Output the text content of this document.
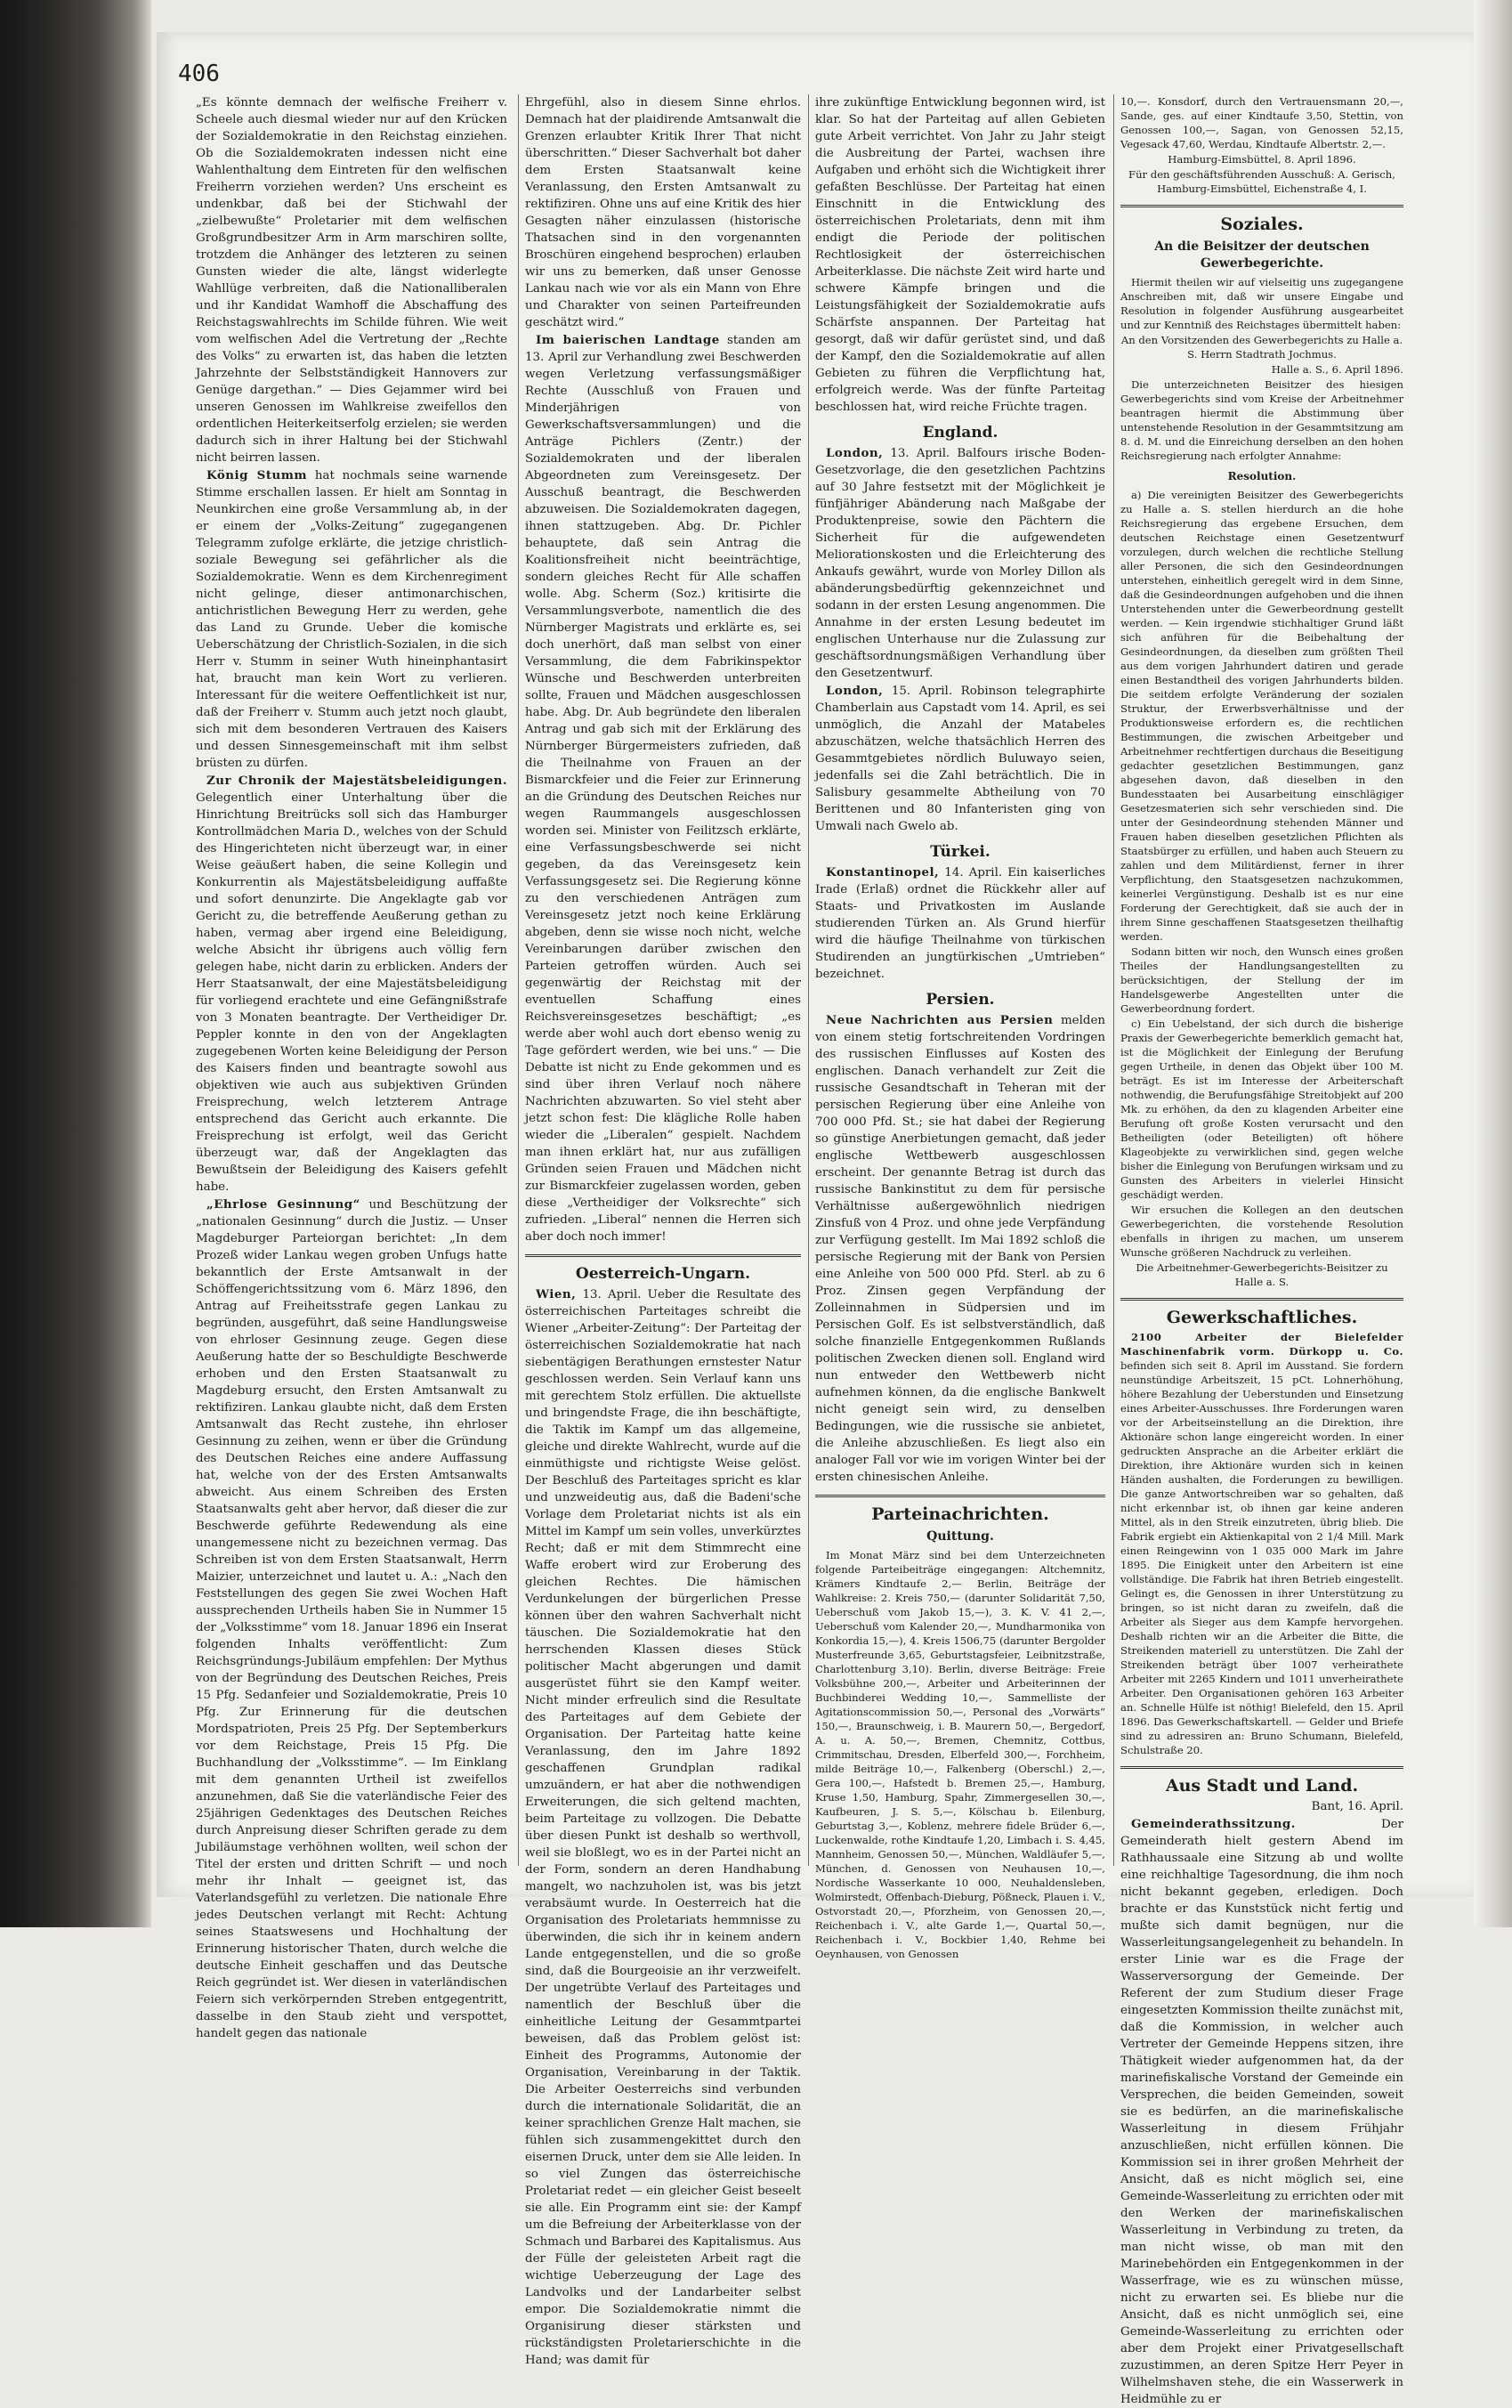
406

„Es könnte demnach der welfische Freiherr v. Scheele auch diesmal wieder nur auf den Krücken der Sozialdemokratie in den Reichstag einziehen. Ob die Sozialdemokraten indessen nicht eine Wahlenthaltung dem Eintreten für den welfischen Freiherrn vorziehen werden? Uns erscheint es undenkbar, daß bei der Stichwahl der „zielbewußte“ Proletarier mit dem welfischen Großgrundbesitzer Arm in Arm marschiren sollte, trotzdem die Anhänger des letzteren zu seinen Gunsten wieder die alte, längst widerlegte Wahllüge verbreiten, daß die Nationalliberalen und ihr Kandidat Wamhoff die Abschaffung des Reichstagswahlrechts im Schilde führen. Wie weit vom welfischen Adel die Vertretung der „Rechte des Volks“ zu erwarten ist, das haben die letzten Jahrzehnte der Selbstständigkeit Hannovers zur Genüge dargethan.“ — Dies Gejammer wird bei unseren Genossen im Wahlkreise zweifellos den ordentlichen Heiterkeitserfolg erzielen; sie werden dadurch sich in ihrer Haltung bei der Stichwahl nicht beirren lassen.

König Stumm hat nochmals seine warnende Stimme erschallen lassen. Er hielt am Sonntag in Neunkirchen eine große Versammlung ab, in der er einem der „Volks-Zeitung“ zugegangenen Telegramm zufolge erklärte, die jetzige christlich-soziale Bewegung sei gefährlicher als die Sozialdemokratie. Wenn es dem Kirchenregiment nicht gelinge, dieser antimonarchischen, antichristlichen Bewegung Herr zu werden, gehe das Land zu Grunde. Ueber die komische Ueberschätzung der Christlich-Sozialen, in die sich Herr v. Stumm in seiner Wuth hineinphantasirt hat, braucht man kein Wort zu verlieren. Interessant für die weitere Oeffentlichkeit ist nur, daß der Freiherr v. Stumm auch jetzt noch glaubt, sich mit dem besonderen Vertrauen des Kaisers und dessen Sinnesgemeinschaft mit ihm selbst brüsten zu dürfen.

Zur Chronik der Majestätsbeleidigungen. Gelegentlich einer Unterhaltung über die Hinrichtung Breitrücks soll sich das Hamburger Kontrollmädchen Maria D., welches von der Schuld des Hingerichteten nicht überzeugt war, in einer Weise geäußert haben, die seine Kollegin und Konkurrentin als Majestätsbeleidigung auffaßte und sofort denunzirte. Die Angeklagte gab vor Gericht zu, die betreffende Aeußerung gethan zu haben, vermag aber irgend eine Beleidigung, welche Absicht ihr übrigens auch völlig fern gelegen habe, nicht darin zu erblicken. Anders der Herr Staatsanwalt, der eine Majestätsbeleidigung für vorliegend erachtete und eine Gefängnißstrafe von 3 Monaten beantragte. Der Vertheidiger Dr. Peppler konnte in den von der Angeklagten zugegebenen Worten keine Beleidigung der Person des Kaisers finden und beantragte sowohl aus objektiven wie auch aus subjektiven Gründen Freisprechung, welch letzterem Antrage entsprechend das Gericht auch erkannte. Die Freisprechung ist erfolgt, weil das Gericht überzeugt war, daß der Angeklagten das Bewußtsein der Beleidigung des Kaisers gefehlt habe.

„Ehrlose Gesinnung“ und Beschützung der „nationalen Gesinnung“ durch die Justiz. — Unser Magdeburger Parteiorgan berichtet: „In dem Prozeß wider Lankau wegen groben Unfugs hatte bekanntlich der Erste Amtsanwalt in der Schöffengerichtssitzung vom 6. März 1896, den Antrag auf Freiheitsstrafe gegen Lankau zu begründen, ausgeführt, daß seine Handlungsweise von ehrloser Gesinnung zeuge. Gegen diese Aeußerung hatte der so Beschuldigte Beschwerde erhoben und den Ersten Staatsanwalt zu Magdeburg ersucht, den Ersten Amtsanwalt zu rektifiziren. Lankau glaubte nicht, daß dem Ersten Amtsanwalt das Recht zustehe, ihn ehrloser Gesinnung zu zeihen, wenn er über die Gründung des Deutschen Reiches eine andere Auffassung hat, welche von der des Ersten Amtsanwalts abweicht. Aus einem Schreiben des Ersten Staatsanwalts geht aber hervor, daß dieser die zur Beschwerde geführte Redewendung als eine unangemessene nicht zu bezeichnen vermag. Das Schreiben ist von dem Ersten Staatsanwalt, Herrn Maizier, unterzeichnet und lautet u. A.: „Nach den Feststellungen des gegen Sie zwei Wochen Haft aussprechenden Urtheils haben Sie in Nummer 15 der „Volksstimme“ vom 18. Januar 1896 ein Inserat folgenden Inhalts veröffentlicht: Zum Reichsgründungs-Jubiläum empfehlen: Der Mythus von der Begründung des Deutschen Reiches, Preis 15 Pfg. Sedanfeier und Sozialdemokratie, Preis 10 Pfg. Zur Erinnerung für die deutschen Mordspatrioten, Preis 25 Pfg. Der Septemberkurs vor dem Reichstage, Preis 15 Pfg. Die Buchhandlung der „Volksstimme“. — Im Einklang mit dem genannten Urtheil ist zweifellos anzunehmen, daß Sie die vaterländische Feier des 25jährigen Gedenktages des Deutschen Reiches durch Anpreisung dieser Schriften gerade zu dem Jubiläumstage verhöhnen wollten, weil schon der Titel der ersten und dritten Schrift — und noch mehr ihr Inhalt — geeignet ist, das Vaterlandsgefühl zu verletzen. Die nationale Ehre jedes Deutschen verlangt mit Recht: Achtung seines Staatswesens und Hochhaltung der Erinnerung historischer Thaten, durch welche die deutsche Einheit geschaffen und das Deutsche Reich gegründet ist. Wer diesen in vaterländischen Feiern sich verkörpernden Streben entgegentritt, dasselbe in den Staub zieht und verspottet, handelt gegen das nationale

Ehrgefühl, also in diesem Sinne ehrlos. Demnach hat der plaidirende Amtsanwalt die Grenzen erlaubter Kritik Ihrer That nicht überschritten.“ Dieser Sachverhalt bot daher dem Ersten Staatsanwalt keine Veranlassung, den Ersten Amtsanwalt zu rektifiziren. Ohne uns auf eine Kritik des hier Gesagten näher einzulassen (historische Thatsachen sind in den vorgenannten Broschüren eingehend besprochen) erlauben wir uns zu bemerken, daß unser Genosse Lankau nach wie vor als ein Mann von Ehre und Charakter von seinen Parteifreunden geschätzt wird.“

Im baierischen Landtage standen am 13. April zur Verhandlung zwei Beschwerden wegen Verletzung verfassungsmäßiger Rechte (Ausschluß von Frauen und Minderjährigen von Gewerkschaftsversammlungen) und die Anträge Pichlers (Zentr.) der Sozialdemokraten und der liberalen Abgeordneten zum Vereinsgesetz. Der Ausschuß beantragt, die Beschwerden abzuweisen. Die Sozialdemokraten dagegen, ihnen stattzugeben. Abg. Dr. Pichler behauptete, daß sein Antrag die Koalitionsfreiheit nicht beeinträchtige, sondern gleiches Recht für Alle schaffen wolle. Abg. Scherm (Soz.) kritisirte die Versammlungsverbote, namentlich die des Nürnberger Magistrats und erklärte es, sei doch unerhört, daß man selbst von einer Versammlung, die dem Fabrikinspektor Wünsche und Beschwerden unterbreiten sollte, Frauen und Mädchen ausgeschlossen habe. Abg. Dr. Aub begründete den liberalen Antrag und gab sich mit der Erklärung des Nürnberger Bürgermeisters zufrieden, daß die Theilnahme von Frauen an der Bismarckfeier und die Feier zur Erinnerung an die Gründung des Deutschen Reiches nur wegen Raummangels ausgeschlossen worden sei. Minister von Feilitzsch erklärte, eine Verfassungsbeschwerde sei nicht gegeben, da das Vereinsgesetz kein Verfassungsgesetz sei. Die Regierung könne zu den verschiedenen Anträgen zum Vereinsgesetz jetzt noch keine Erklärung abgeben, denn sie wisse noch nicht, welche Vereinbarungen darüber zwischen den Parteien getroffen würden. Auch sei gegenwärtig der Reichstag mit der eventuellen Schaffung eines Reichsvereinsgesetzes beschäftigt; „es werde aber wohl auch dort ebenso wenig zu Tage gefördert werden, wie bei uns.“ — Die Debatte ist nicht zu Ende gekommen und es sind über ihren Verlauf noch nähere Nachrichten abzuwarten. So viel steht aber jetzt schon fest: Die klägliche Rolle haben wieder die „Liberalen“ gespielt. Nachdem man ihnen erklärt hat, nur aus zufälligen Gründen seien Frauen und Mädchen nicht zur Bismarckfeier zugelassen worden, geben diese „Vertheidiger der Volksrechte“ sich zufrieden. „Liberal“ nennen die Herren sich aber doch noch immer!

Oesterreich-Ungarn.

Wien, 13. April. Ueber die Resultate des österreichischen Parteitages schreibt die Wiener „Arbeiter-Zeitung“: Der Parteitag der österreichischen Sozialdemokratie hat nach siebentägigen Berathungen ernstester Natur geschlossen werden. Sein Verlauf kann uns mit gerechtem Stolz erfüllen. Die aktuellste und bringendste Frage, die ihn beschäftigte, die Taktik im Kampf um das allgemeine, gleiche und direkte Wahlrecht, wurde auf die einmüthigste und richtigste Weise gelöst. Der Beschluß des Parteitages spricht es klar und unzweideutig aus, daß die Badeni'sche Vorlage dem Proletariat nichts ist als ein Mittel im Kampf um sein volles, unverkürztes Recht; daß er mit dem Stimmrecht eine Waffe erobert wird zur Eroberung des gleichen Rechtes. Die hämischen Verdunkelungen der bürgerlichen Presse können über den wahren Sachverhalt nicht täuschen. Die Sozialdemokratie hat den herrschenden Klassen dieses Stück politischer Macht abgerungen und damit ausgerüstet führt sie den Kampf weiter. Nicht minder erfreulich sind die Resultate des Parteitages auf dem Gebiete der Organisation. Der Parteitag hatte keine Veranlassung, den im Jahre 1892 geschaffenen Grundplan radikal umzuändern, er hat aber die nothwendigen Erweiterungen, die sich geltend machten, beim Parteitage zu vollzogen. Die Debatte über diesen Punkt ist deshalb so werthvoll, weil sie bloßlegt, wo es in der Partei nicht an der Form, sondern an deren Handhabung mangelt, wo nachzuholen ist, was bis jetzt verabsäumt wurde. In Oesterreich hat die Organisation des Proletariats hemmnisse zu überwinden, die sich ihr in keinem andern Lande entgegenstellen, und die so große sind, daß die Bourgeoisie an ihr verzweifelt. Der ungetrübte Verlauf des Parteitages und namentlich der Beschluß über die einheitliche Leitung der Gesammtpartei beweisen, daß das Problem gelöst ist: Einheit des Programms, Autonomie der Organisation, Vereinbarung in der Taktik. Die Arbeiter Oesterreichs sind verbunden durch die internationale Solidarität, die an keiner sprachlichen Grenze Halt machen, sie fühlen sich zusammengekittet durch den eisernen Druck, unter dem sie Alle leiden. In so viel Zungen das österreichische Proletariat redet — ein gleicher Geist beseelt sie alle. Ein Programm eint sie: der Kampf um die Befreiung der Arbeiterklasse von der Schmach und Barbarei des Kapitalismus. Aus der Fülle der geleisteten Arbeit ragt die wichtige Ueberzeugung der Lage des Landvolks und der Landarbeiter selbst empor. Die Sozialdemokratie nimmt die Organisirung dieser stärksten und rückständigsten Proletarierschichte in die Hand; was damit für

ihre zukünftige Entwicklung begonnen wird, ist klar. So hat der Parteitag auf allen Gebieten gute Arbeit verrichtet. Von Jahr zu Jahr steigt die Ausbreitung der Partei, wachsen ihre Aufgaben und erhöht sich die Wichtigkeit ihrer gefaßten Beschlüsse. Der Parteitag hat einen Einschnitt in die Entwicklung des österreichischen Proletariats, denn mit ihm endigt die Periode der politischen Rechtlosigkeit der österreichischen Arbeiterklasse. Die nächste Zeit wird harte und schwere Kämpfe bringen und die Leistungsfähigkeit der Sozialdemokratie aufs Schärfste anspannen. Der Parteitag hat gesorgt, daß wir dafür gerüstet sind, und daß der Kampf, den die Sozialdemokratie auf allen Gebieten zu führen die Verpflichtung hat, erfolgreich werde. Was der fünfte Parteitag beschlossen hat, wird reiche Früchte tragen.

England.

London, 13. April. Balfours irische Boden-Gesetzvorlage, die den gesetzlichen Pachtzins auf 30 Jahre festsetzt mit der Möglichkeit je fünfjähriger Abänderung nach Maßgabe der Produktenpreise, sowie den Pächtern die Sicherheit für die aufgewendeten Meliorationskosten und die Erleichterung des Ankaufs gewährt, wurde von Morley Dillon als abänderungsbedürftig gekennzeichnet und sodann in der ersten Lesung angenommen. Die Annahme in der ersten Lesung bedeutet im englischen Unterhause nur die Zulassung zur geschäftsordnungsmäßigen Verhandlung über den Gesetzentwurf.

London, 15. April. Robinson telegraphirte Chamberlain aus Capstadt vom 14. April, es sei unmöglich, die Anzahl der Matabeles abzuschätzen, welche thatsächlich Herren des Gesammtgebietes nördlich Buluwayo seien, jedenfalls sei die Zahl beträchtlich. Die in Salisbury gesammelte Abtheilung von 70 Berittenen und 80 Infanteristen ging von Umwali nach Gwelo ab.

Türkei.

Konstantinopel, 14. April. Ein kaiserliches Irade (Erlaß) ordnet die Rückkehr aller auf Staats- und Privatkosten im Auslande studierenden Türken an. Als Grund hierfür wird die häufige Theilnahme von türkischen Studirenden an jungtürkischen „Umtrieben“ bezeichnet.

Persien.

Neue Nachrichten aus Persien melden von einem stetig fortschreitenden Vordringen des russischen Einflusses auf Kosten des englischen. Danach verhandelt zur Zeit die russische Gesandtschaft in Teheran mit der persischen Regierung über eine Anleihe von 700 000 Pfd. St.; sie hat dabei der Regierung so günstige Anerbietungen gemacht, daß jeder englische Wettbewerb ausgeschlossen erscheint. Der genannte Betrag ist durch das russische Bankinstitut zu dem für persische Verhältnisse außergewöhnlich niedrigen Zinsfuß von 4 Proz. und ohne jede Verpfändung zur Verfügung gestellt. Im Mai 1892 schloß die persische Regierung mit der Bank von Persien eine Anleihe von 500 000 Pfd. Sterl. ab zu 6 Proz. Zinsen gegen Verpfändung der Zolleinnahmen in Südpersien und im Persischen Golf. Es ist selbstverständlich, daß solche finanzielle Entgegenkommen Rußlands politischen Zwecken dienen soll. England wird nun entweder den Wettbewerb nicht aufnehmen können, da die englische Bankwelt nicht geneigt sein wird, zu denselben Bedingungen, wie die russische sie anbietet, die Anleihe abzuschließen. Es liegt also ein analoger Fall vor wie im vorigen Winter bei der ersten chinesischen Anleihe.

Parteinachrichten.
Quittung.

Im Monat März sind bei dem Unterzeichneten folgende Parteibeiträge eingegangen: Altchemnitz, Krämers Kindtaufe 2,— Berlin, Beiträge der Wahlkreise: 2. Kreis 750,— (darunter Solidarität 7,50, Ueberschuß vom Jakob 15,—), 3. K. V. 41 2,—, Ueberschuß vom Kalender 20,—, Mundharmonika von Konkordia 15,—), 4. Kreis 1506,75 (darunter Bergolder Musterfreunde 3,65, Geburtstagsfeier, Leibnitzstraße, Charlottenburg 3,10). Berlin, diverse Beiträge: Freie Volksbühne 200,—, Arbeiter und Arbeiterinnen der Buchbinderei Wedding 10,—, Sammelliste der Agitationscommission 50,—, Personal des „Vorwärts“ 150,—, Braunschweig, i. B. Maurern 50,—, Bergedorf, A. u. A. 50,—, Bremen, Chemnitz, Cottbus, Crimmitschau, Dresden, Elberfeld 300,—, Forchheim, milde Beiträge 10,—, Falkenberg (Oberschl.) 2,—, Gera 100,—, Hafstedt b. Bremen 25,—, Hamburg, Kruse 1,50, Hamburg, Spahr, Zimmergesellen 30,—, Kaufbeuren, J. S. 5,—, Kölschau b. Eilenburg, Geburtstag 3,—, Koblenz, mehrere fidele Brüder 6,—, Luckenwalde, rothe Kindtaufe 1,20, Limbach i. S. 4,45, Mannheim, Genossen 50,—, München, Waldläufer 5,—, München, d. Genossen von Neuhausen 10,—, Nordische Wasserkante 10 000, Neuhaldensleben, Wolmirstedt, Offenbach-Dieburg, Pößneck, Plauen i. V., Ostvorstadt 20,—, Pforzheim, von Genossen 20,—, Reichenbach i. V., alte Garde 1,—, Quartal 50,—, Reichenbach i. V., Bockbier 1,40, Rehme bei Oeynhausen, von Genossen

10,—. Konsdorf, durch den Vertrauensmann 20,—, Sande, ges. auf einer Kindtaufe 3,50, Stettin, von Genossen 100,—, Sagan, von Genossen 52,15, Vegesack 47,60, Werdau, Kindtaufe Albertstr. 2,—.

Hamburg-Eimsbüttel, 8. April 1896.

Für den geschäftsführenden Ausschuß: A. Gerisch, Hamburg-Eimsbüttel, Eichenstraße 4, I.

Soziales.
An die Beisitzer der deutschen Gewerbegerichte.

Hiermit theilen wir auf vielseitig uns zugegangene Anschreiben mit, daß wir unsere Eingabe und Resolution in folgender Ausführung ausgearbeitet und zur Kenntniß des Reichstages übermittelt haben:

An den Vorsitzenden des Gewerbegerichts zu Halle a. S. Herrn Stadtrath Jochmus.

Halle a. S., 6. April 1896.

Die unterzeichneten Beisitzer des hiesigen Gewerbegerichts sind vom Kreise der Arbeitnehmer beantragen hiermit die Abstimmung über untenstehende Resolution in der Gesammtsitzung am 8. d. M. und die Einreichung derselben an den hohen Reichsregierung nach erfolgter Annahme:

Resolution.

a) Die vereinigten Beisitzer des Gewerbegerichts zu Halle a. S. stellen hierdurch an die hohe Reichsregierung das ergebene Ersuchen, dem deutschen Reichstage einen Gesetzentwurf vorzulegen, durch welchen die rechtliche Stellung aller Personen, die sich den Gesindeordnungen unterstehen, einheitlich geregelt wird in dem Sinne, daß die Gesindeordnungen aufgehoben und die ihnen Unterstehenden unter die Gewerbeordnung gestellt werden. — Kein irgendwie stichhaltiger Grund läßt sich anführen für die Beibehaltung der Gesindeordnungen, da dieselben zum größten Theil aus dem vorigen Jahrhundert datiren und gerade einen Bestandtheil des vorigen Jahrhunderts bilden. Die seitdem erfolgte Veränderung der sozialen Struktur, der Erwerbsverhältnisse und der Produktionsweise erfordern es, die rechtlichen Bestimmungen, die zwischen Arbeitgeber und Arbeitnehmer rechtfertigen durchaus die Beseitigung gedachter gesetzlichen Bestimmungen, ganz abgesehen davon, daß dieselben in den Bundesstaaten bei Ausarbeitung einschlägiger Gesetzesmaterien sich sehr verschieden sind. Die unter der Gesindeordnung stehenden Männer und Frauen haben dieselben gesetzlichen Pflichten als Staatsbürger zu erfüllen, und haben auch Steuern zu zahlen und dem Militärdienst, ferner in ihrer Verpflichtung, den Staatsgesetzen nachzukommen, keinerlei Vergünstigung. Deshalb ist es nur eine Forderung der Gerechtigkeit, daß sie auch der in ihrem Sinne geschaffenen Staatsgesetzen theilhaftig werden.

Sodann bitten wir noch, den Wunsch eines großen Theiles der Handlungsangestellten zu berücksichtigen, der Stellung der im Handelsgewerbe Angestellten unter die Gewerbeordnung fordert.

c) Ein Uebelstand, der sich durch die bisherige Praxis der Gewerbegerichte bemerklich gemacht hat, ist die Möglichkeit der Einlegung der Berufung gegen Urtheile, in denen das Objekt über 100 M. beträgt. Es ist im Interesse der Arbeiterschaft nothwendig, die Berufungsfähige Streitobjekt auf 200 Mk. zu erhöhen, da den zu klagenden Arbeiter eine Berufung oft große Kosten verursacht und den Betheiligten (oder Beteiligten) oft höhere Klageobjekte zu verwirklichen sind, gegen welche bisher die Einlegung von Berufungen wirksam und zu Gunsten des Arbeiters in vielerlei Hinsicht geschädigt werden.

Wir ersuchen die Kollegen an den deutschen Gewerbegerichten, die vorstehende Resolution ebenfalls in ihrigen zu machen, um unserem Wunsche größeren Nachdruck zu verleihen.

Die Arbeitnehmer-Gewerbegerichts-Beisitzer zu Halle a. S.

Gewerkschaftliches.

2100 Arbeiter der Bielefelder Maschinenfabrik vorm. Dürkopp u. Co. befinden sich seit 8. April im Ausstand. Sie fordern neunstündige Arbeitszeit, 15 pCt. Lohnerhöhung, höhere Bezahlung der Ueberstunden und Einsetzung eines Arbeiter-Ausschusses. Ihre Forderungen waren vor der Arbeitseinstellung an die Direktion, ihre Aktionäre schon lange eingereicht worden. In einer gedruckten Ansprache an die Arbeiter erklärt die Direktion, ihre Aktionäre wurden sich in keinen Händen aushalten, die Forderungen zu bewilligen. Die ganze Antwortschreiben war so gehalten, daß nicht erkennbar ist, ob ihnen gar keine anderen Mittel, als in den Streik einzutreten, übrig blieb. Die Fabrik ergiebt ein Aktienkapital von 2 1/4 Mill. Mark einen Reingewinn von 1 035 000 Mark im Jahre 1895. Die Einigkeit unter den Arbeitern ist eine vollständige. Die Fabrik hat ihren Betrieb eingestellt. Gelingt es, die Genossen in ihrer Unterstützung zu bringen, so ist nicht daran zu zweifeln, daß die Arbeiter als Sieger aus dem Kampfe hervorgehen. Deshalb richten wir an die Arbeiter die Bitte, die Streikenden materiell zu unterstützen. Die Zahl der Streikenden beträgt über 1007 verheirathete Arbeiter mit 2265 Kindern und 1011 unverheirathete Arbeiter. Den Organisationen gehören 163 Arbeiter an. Schnelle Hülfe ist nöthig! Bielefeld, den 15. April 1896. Das Gewerkschaftskartell. — Gelder und Briefe sind zu adressiren an: Bruno Schumann, Bielefeld, Schulstraße 20.

Aus Stadt und Land.

Bant, 16. April.

Gemeinderathssitzung.	Der Gemeinderath hielt gestern Abend im Rathhaussaale eine Sitzung ab und wollte eine reichhaltige Tagesordnung, die ihm noch nicht bekannt gegeben, erledigen. Doch brachte er das Kunststück nicht fertig und mußte sich damit begnügen, nur die Wasserleitungsangelegenheit zu behandeln. In erster Linie war es die Frage der Wasserversorgung der Gemeinde. Der Referent der zum Studium dieser Frage eingesetzten Kommission theilte zunächst mit, daß die Kommission, in welcher auch Vertreter der Gemeinde Heppens sitzen, ihre Thätigkeit wieder aufgenommen hat, da der marinefiskalische Vorstand der Gemeinde ein Versprechen, die beiden Gemeinden, soweit sie es bedürfen, an die marinefiskalische Wasserleitung in diesem Frühjahr anzuschließen, nicht erfüllen können. Die Kommission sei in ihrer großen Mehrheit der Ansicht, daß es nicht möglich sei, eine Gemeinde-Wasserleitung zu errichten oder mit den Werken der marinefiskalischen Wasserleitung in Verbindung zu treten, da man nicht wisse, ob man mit den Marinebehörden ein Entgegenkommen in der Wasserfrage, wie es zu wünschen müsse, nicht zu erwarten sei. Es bliebe nur die Ansicht, daß es nicht unmöglich sei, eine Gemeinde-Wasserleitung zu errichten oder aber dem Projekt einer Privatgesellschaft zuzustimmen, an deren Spitze Herr Peyer in Wilhelmshaven stehe, die ein Wasserwerk in Heidmühle zu er
